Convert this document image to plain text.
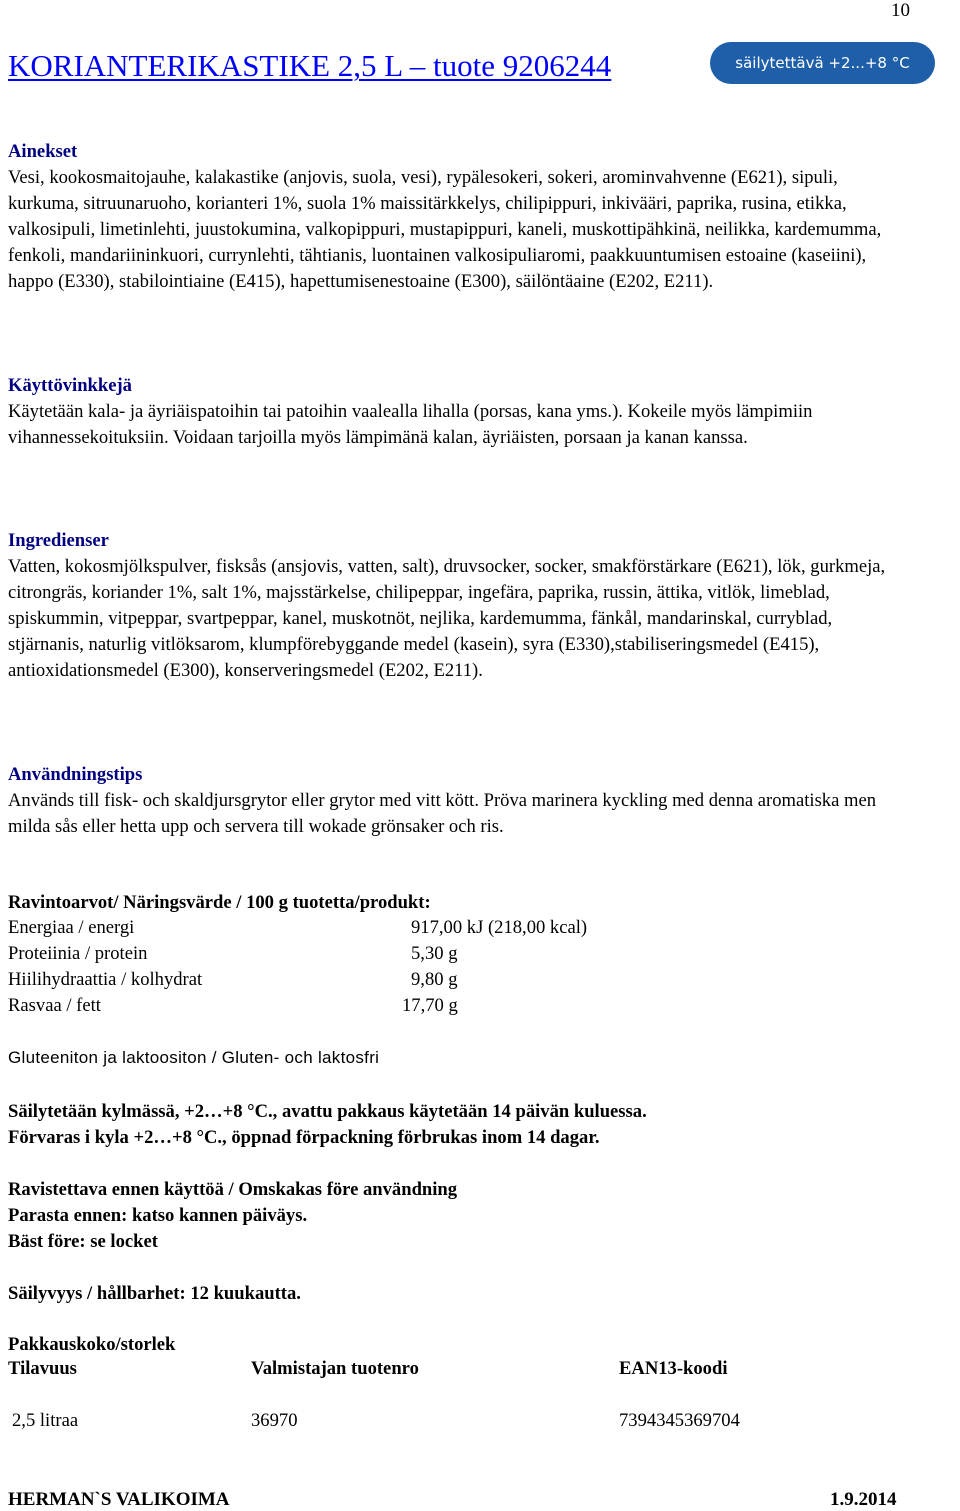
10
KORIANTERIKASTIKE 2,5 L – tuote 9206244	säilytettävä +2...+8 °C
Ainekset
Vesi, kookosmaitojauhe, kalakastike (anjovis, suola, vesi), rypälesokeri, sokeri, arominvahvenne (E621), sipuli, kurkuma, sitruunaruoho, korianteri 1%, suola 1% maissitärkkelys, chilipippuri, inkivääri, paprika, rusina, etikka, valkosipuli, limetinlehti, juustokumina, valkopippuri, mustapippuri, kaneli, muskottipähkinä, neilikka, kardemumma, fenkoli, mandariininkuori, currynlehti, tähtianis, luontainen valkosipuliaromi, paakkuuntumisen estoaine (kaseiini), happo (E330), stabilointiaine (E415), hapettumisenestoaine (E300), säilöntäaine (E202, E211).
Käyttövinkkejä
Käytetään kala- ja äyriäispatoihin tai patoihin vaalealla lihalla (porsas, kana yms.). Kokeile myös lämpimiin vihannessekoituksiin. Voidaan tarjoilla myös lämpimänä kalan, äyriäisten, porsaan ja kanan kanssa.
Ingredienser
Vatten, kokosmjölkspulver, fisksås (ansjovis, vatten, salt), druvsocker, socker, smakförstärkare (E621), lök, gurkmeja, citrongräs, koriander 1%, salt 1%, majsstärkelse, chilipeppar, ingefära, paprika, russin, ättika, vitlök, limeblad, spiskummin, vitpeppar, svartpeppar, kanel, muskotnöt, nejlika, kardemumma, fänkål, mandarinskal, curryblad, stjärnanis, naturlig vitlöksarom, klumpförebyggande medel (kasein), syra (E330),stabiliseringsmedel (E415), antioxidationsmedel (E300), konserveringsmedel (E202, E211).
Användningstips
Används till fisk- och skaldjursgrytor eller grytor med vitt kött. Pröva marinera kyckling med denna aromatiska men milda sås eller hetta upp och servera till wokade grönsaker och ris.
Ravintoarvot/ Näringsvärde / 100 g tuotetta/produkt:
Energiaa / energi	917,00 kJ (218,00 kcal)
Proteiinia / protein	5,30 g
Hiilihydraattia / kolhydrat	9,80 g
Rasvaa / fett	17,70 g
Gluteeniton ja laktoositon / Gluten- och laktosfri
Säilytetään kylmässä, +2…+8 °C., avattu pakkaus käytetään 14 päivän kuluessa.
Förvaras i kyla +2…+8 °C., öppnad förpackning förbrukas inom 14 dagar.
Ravistettava ennen käyttöä / Omskakas före användning
Parasta ennen: katso kannen päiväys.
Bäst före: se locket
Säilyvyys / hållbarhet: 12 kuukautta.
Pakkauskoko/storlek
Tilavuus	Valmistajan tuotenro	EAN13-koodi
2,5 litraa	36970	7394345369704
HERMAN`S VALIKOIMA	1.9.2014
